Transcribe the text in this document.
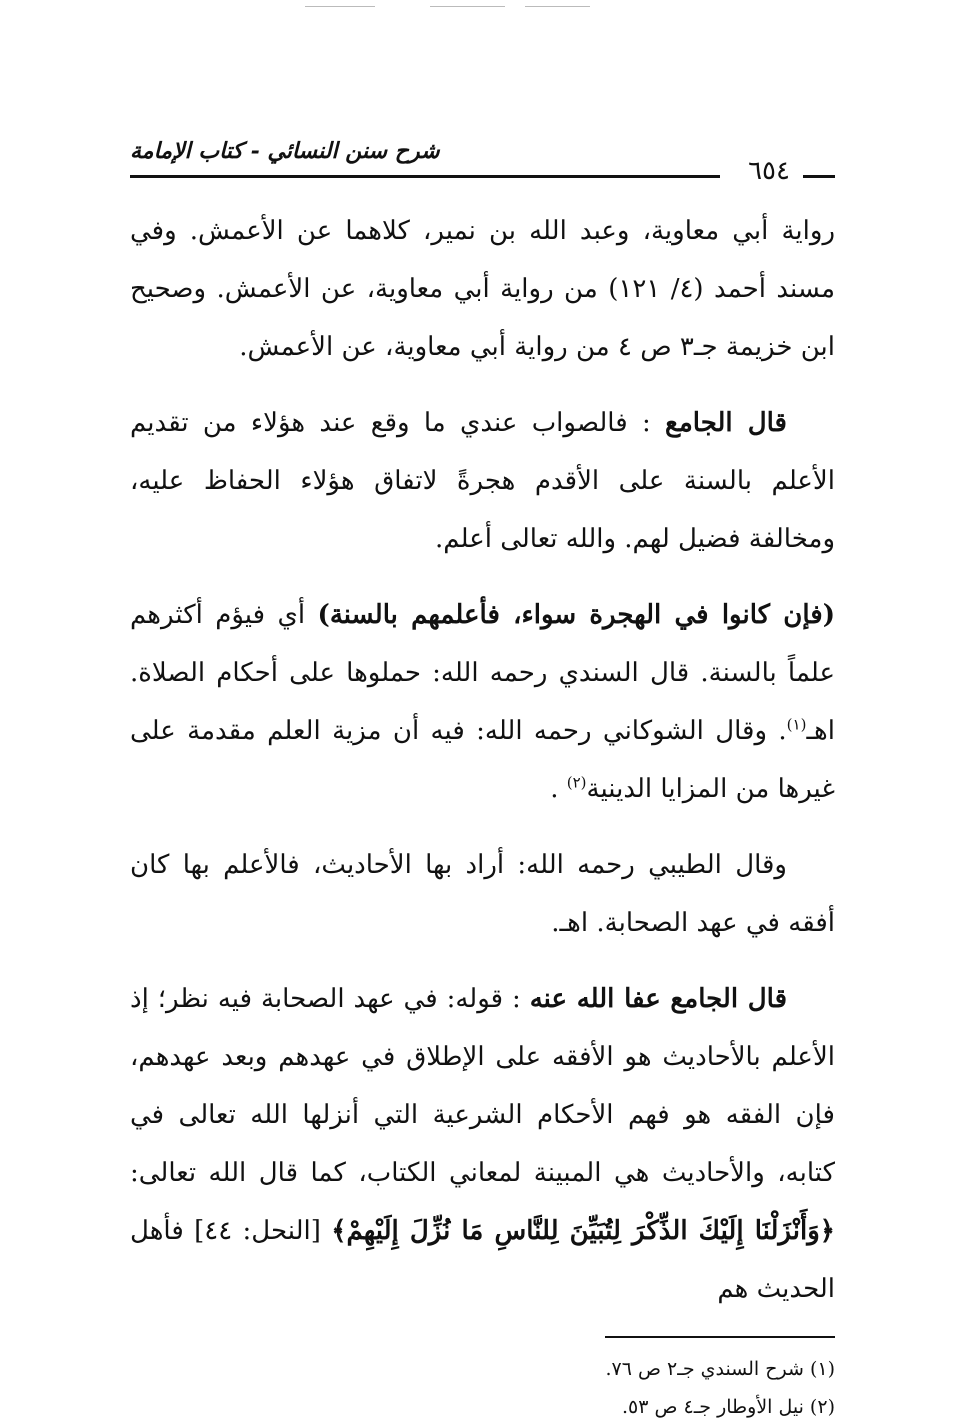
شرح سنن النسائي - كتاب الإمامة
٦٥٤

رواية أبي معاوية، وعبد الله بن نمير، كلاهما عن الأعمش. وفي مسند أحمد (٤/ ١٢١) من رواية أبي معاوية، عن الأعمش. وصحيح ابن خزيمة جـ٣ ص ٤ من رواية أبي معاوية، عن الأعمش.

قال الجامع : فالصواب عندي ما وقع عند هؤلاء من تقديم الأعلم بالسنة على الأقدم هجرةً لاتفاق هؤلاء الحفاظ عليه، ومخالفة فضيل لهم. والله تعالى أعلم.

(فإن كانوا في الهجرة سواء، فأعلمهم بالسنة) أي فيؤم أكثرهم علماً بالسنة. قال السندي رحمه الله: حملوها على أحكام الصلاة. اهـ$^{(١)}$. وقال الشوكاني رحمه الله: فيه أن مزية العلم مقدمة على غيرها من المزايا الدينية$^{(٢)}$ .

وقال الطيبي رحمه الله: أراد بها الأحاديث، فالأعلم بها كان أفقه في عهد الصحابة. اهـ.

قال الجامع عفا الله عنه : قوله: في عهد الصحابة فيه نظر؛ إذ الأعلم بالأحاديث هو الأفقه على الإطلاق في عهدهم وبعد عهدهم، فإن الفقه هو فهم الأحكام الشرعية التي أنزلها الله تعالى في كتابه، والأحاديث هي المبينة لمعاني الكتاب، كما قال الله تعالى: ﴿وَأَنْزَلْنَا إِلَيْكَ الذِّكْرَ لِتُبَيِّنَ لِلنَّاسِ مَا نُزِّلَ إِلَيْهِمْ﴾ [النحل: ٤٤] فأهل الحديث هم

(١) شرح السندي جـ٢ ص ٧٦.
(٢) نيل الأوطار جـ٤ ص ٥٣.
